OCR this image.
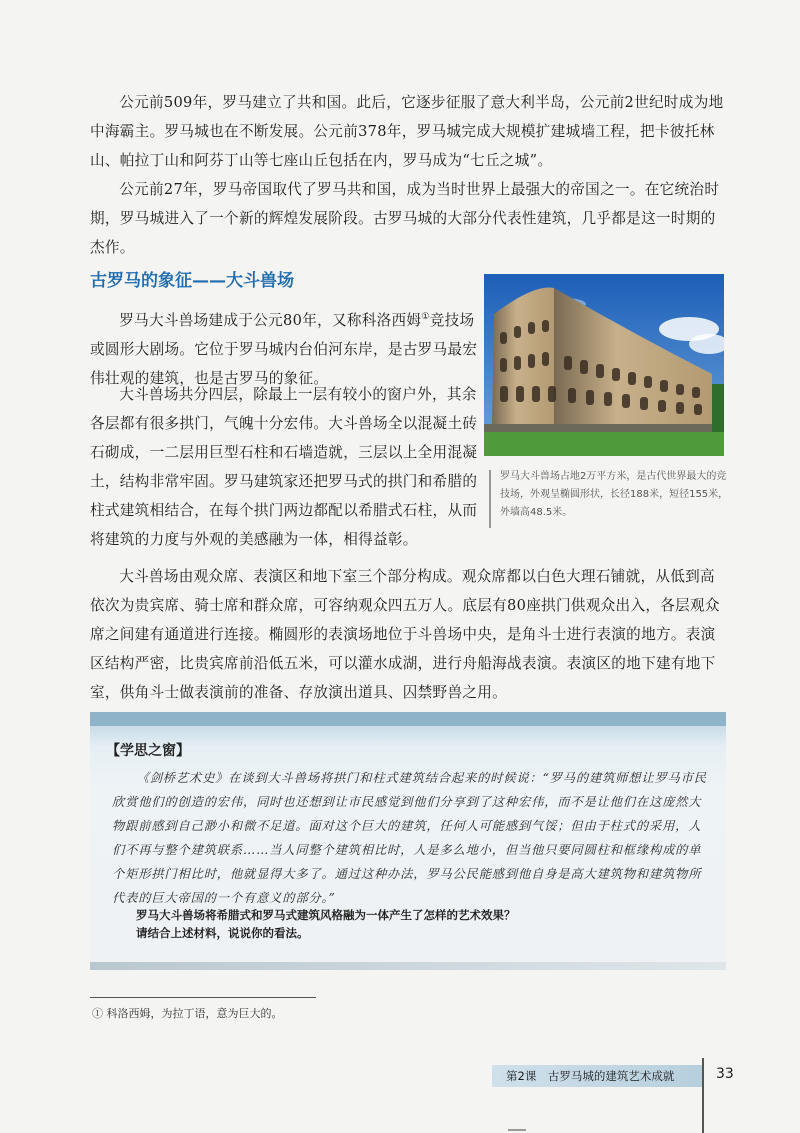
公元前509年，罗马建立了共和国。此后，它逐步征服了意大利半岛，公元前2世纪时成为地中海霸主。罗马城也在不断发展。公元前378年，罗马城完成大规模扩建城墙工程，把卡彼托林山、帕拉丁山和阿芬丁山等七座山丘包括在内，罗马成为“七丘之城”。

公元前27年，罗马帝国取代了罗马共和国，成为当时世界上最强大的帝国之一。在它统治时期，罗马城进入了一个新的辉煌发展阶段。古罗马城的大部分代表性建筑，几乎都是这一时期的杰作。

古罗马的象征——大斗兽场

罗马大斗兽场建成于公元80年，又称科洛西姆①竞技场或圆形大剧场。它位于罗马城内台伯河东岸，是古罗马最宏伟壮观的建筑，也是古罗马的象征。

大斗兽场共分四层，除最上一层有较小的窗户外，其余各层都有很多拱门，气魄十分宏伟。大斗兽场全以混凝土砖石砌成，一二层用巨型石柱和石墙造就，三层以上全用混凝土，结构非常牢固。罗马建筑家还把罗马式的拱门和希腊的柱式建筑相结合，在每个拱门两边都配以希腊式石柱，从而将建筑的力度与外观的美感融为一体，相得益彰。

大斗兽场由观众席、表演区和地下室三个部分构成。观众席都以白色大理石铺就，从低到高依次为贵宾席、骑士席和群众席，可容纳观众四五万人。底层有80座拱门供观众出入，各层观众席之间建有通道进行连接。椭圆形的表演场地位于斗兽场中央，是角斗士进行表演的地方。表演区结构严密，比贵宾席前沿低五米，可以灌水成湖，进行舟船海战表演。表演区的地下建有地下室，供角斗士做表演前的准备、存放演出道具、囚禁野兽之用。

罗马大斗兽场占地2万平方米，是古代世界最大的竞技场，外观呈椭圆形状，长径188米，短径155米，外墙高48.5米。

【学思之窗】

《剑桥艺术史》在谈到大斗兽场将拱门和柱式建筑结合起来的时候说：“罗马的建筑师想让罗马市民欣赏他们的创造的宏伟，同时也还想到让市民感觉到他们分享到了这种宏伟，而不是让他们在这庞然大物跟前感到自己渺小和微不足道。面对这个巨大的建筑，任何人可能感到气馁；但由于柱式的采用，人们不再与整个建筑联系……当人同整个建筑相比时，人是多么地小，但当他只要同圆柱和框缘构成的单个矩形拱门相比时，他就显得大多了。通过这种办法，罗马公民能感到他自身是高大建筑物和建筑物所代表的巨大帝国的一个有意义的部分。”

罗马大斗兽场将希腊式和罗马式建筑风格融为一体产生了怎样的艺术效果？

请结合上述材料，说说你的看法。

① 科洛西姆，为拉丁语，意为巨大的。

第2课　古罗马城的建筑艺术成就	33
